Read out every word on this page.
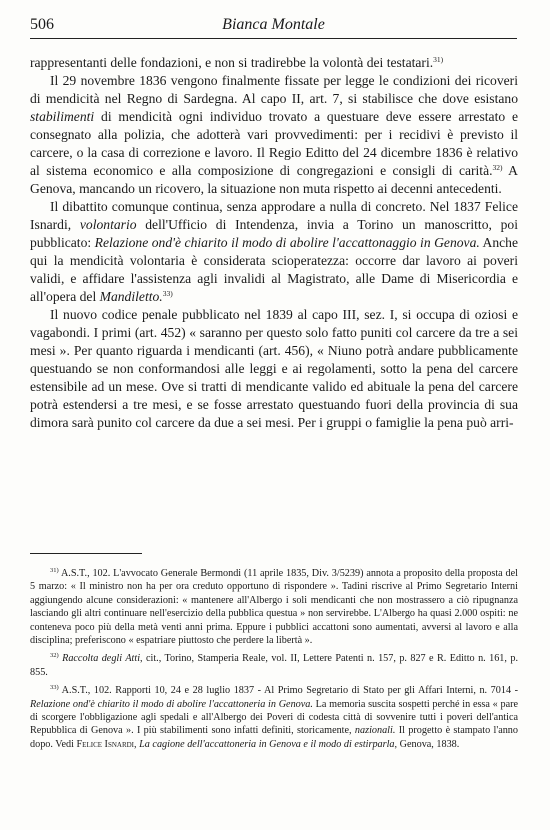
506	Bianca Montale

rappresentanti delle fondazioni, e non si tradirebbe la volontà dei testatari.$^{31)}$

Il 29 novembre 1836 vengono finalmente fissate per legge le condizioni dei ricoveri di mendicità nel Regno di Sardegna. Al capo II, art. 7, si stabilisce che dove esistano stabilimenti di mendicità ogni individuo trovato a questuare deve essere arrestato e consegnato alla polizia, che adotterà vari provvedimenti: per i recidivi è previsto il carcere, o la casa di correzione e lavoro. Il Regio Editto del 24 dicembre 1836 è relativo al sistema economico e alla composizione di congregazioni e consigli di carità.$^{32)}$ A Genova, mancando un ricovero, la situazione non muta rispetto ai decenni antecedenti.

Il dibattito comunque continua, senza approdare a nulla di concreto. Nel 1837 Felice Isnardi, volontario dell'Ufficio di Intendenza, invia a Torino un manoscritto, poi pubblicato: Relazione ond'è chiarito il modo di abolire l'accattonaggio in Genova. Anche qui la mendicità volontaria è considerata scioperatezza: occorre dar lavoro ai poveri validi, e affidare l'assistenza agli invalidi al Magistrato, alle Dame di Misericordia e all'opera del Mandiletto.$^{33)}$

Il nuovo codice penale pubblicato nel 1839 al capo III, sez. I, si occupa di oziosi e vagabondi. I primi (art. 452) « saranno per questo solo fatto puniti col carcere da tre a sei mesi ». Per quanto riguarda i mendicanti (art. 456), « Niuno potrà andare pubblicamente questuando se non conformandosi alle leggi e ai regolamenti, sotto la pena del carcere estensibile ad un mese. Ove si tratti di mendicante valido ed abituale la pena del carcere potrà estendersi a tre mesi, e se fosse arrestato questuando fuori della provincia di sua dimora sarà punito col carcere da due a sei mesi. Per i gruppi o famiglie la pena può arri-

$^{31)}$ A.S.T., 102. L'avvocato Generale Bermondi (11 aprile 1835, Div. 3/5239) annota a proposito della proposta del 5 marzo: « Il ministro non ha per ora creduto opportuno di rispondere ». Tadini riscrive al Primo Segretario Interni aggiungendo alcune considerazioni: « mantenere all'Albergo i soli mendicanti che non mostrassero a ciò ripugnanza lasciando gli altri continuare nell'esercizio della pubblica questua » non servirebbe. L'Albergo ha quasi 2.000 ospiti: ne conteneva poco più della metà venti anni prima. Eppure i pubblici accattoni sono aumentati, avversi al lavoro e alla disciplina; preferiscono « espatriare piuttosto che perdere la libertà ».

$^{32)}$ Raccolta degli Atti, cit., Torino, Stamperia Reale, vol. II, Lettere Patenti n. 157, p. 827 e R. Editto n. 161, p. 855.

$^{33)}$ A.S.T., 102. Rapporti 10, 24 e 28 luglio 1837 - Al Primo Segretario di Stato per gli Affari Interni, n. 7014 - Relazione ond'è chiarito il modo di abolire l'accattoneria in Genova. La memoria suscita sospetti perché in essa « pare di scorgere l'obbligazione agli spedali e all'Albergo dei Poveri di codesta città di sovvenire tutti i poveri dell'antica Repubblica di Genova ». I più stabilimenti sono infatti definiti, storicamente, nazionali. Il progetto è stampato l'anno dopo. Vedi Felice Isnardi, La cagione dell'accattoneria in Genova e il modo di estirparla, Genova, 1838.
